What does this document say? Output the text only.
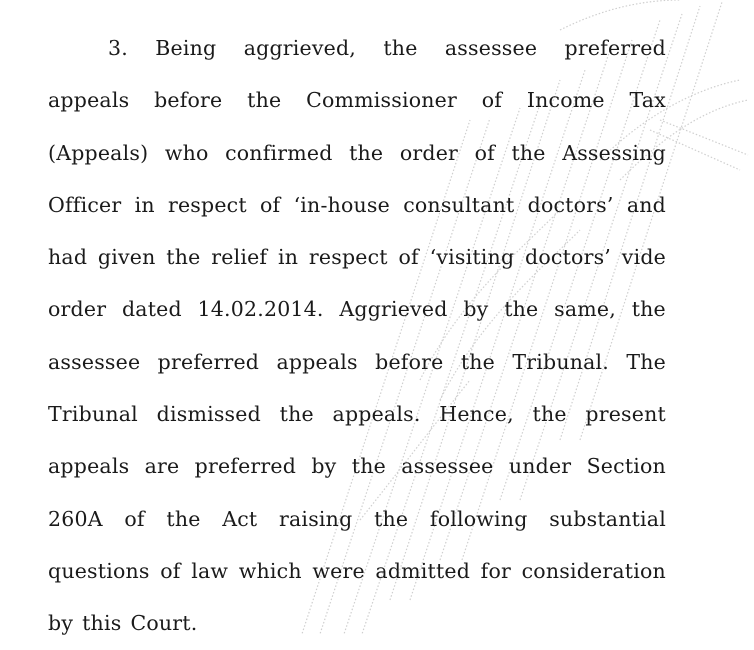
3. Being aggrieved, the assessee preferred
appeals before the Commissioner of Income Tax
(Appeals) who confirmed the order of the Assessing
Officer in respect of ‘in-house consultant doctors’ and
had given the relief in respect of ‘visiting doctors’ vide
order dated 14.02.2014. Aggrieved by the same, the
assessee preferred appeals before the Tribunal. The
Tribunal dismissed the appeals. Hence, the present
appeals are preferred by the assessee under Section
260A of the Act raising the following substantial
questions of law which were admitted for consideration
by this Court.
